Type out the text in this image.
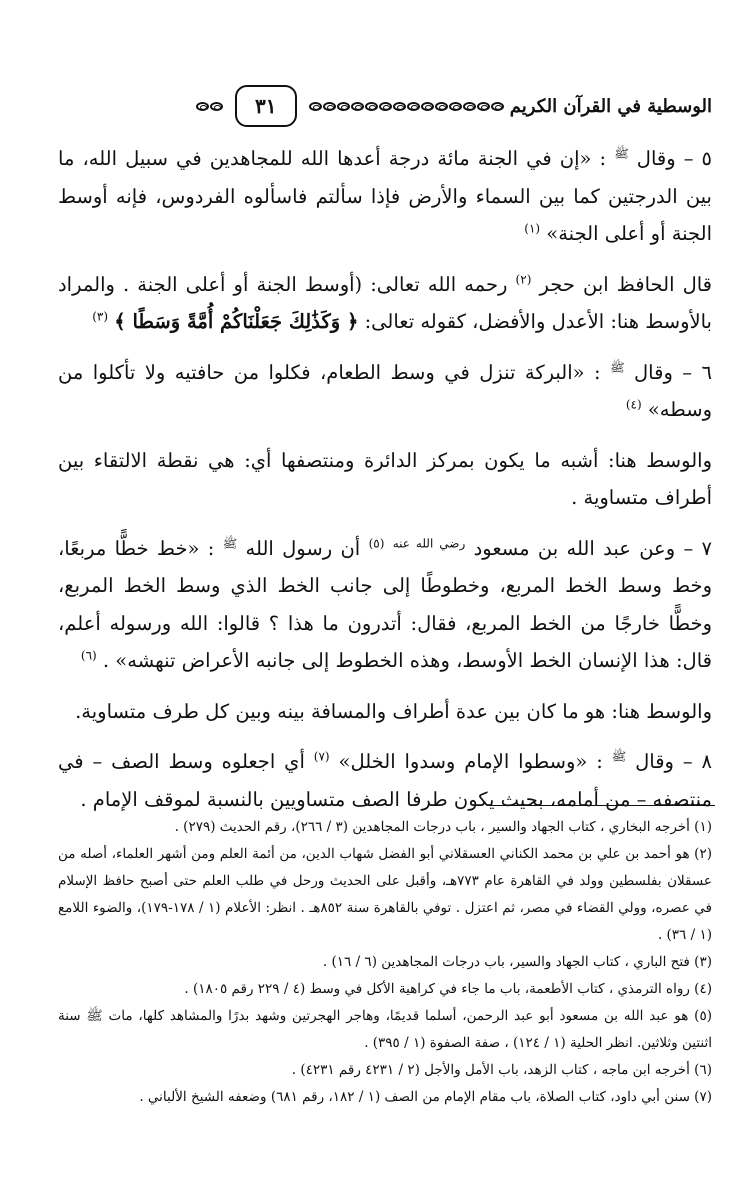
الوسطية في القرآن الكريم
٣١

٥ – وقال $^ﷺ$ : «إن في الجنة مائة درجة أعدها الله للمجاهدين في سبيل الله، ما بين الدرجتين كما بين السماء والأرض فإذا سألتم فاسألوه الفردوس، فإنه أوسط الجنة أو أعلى الجنة» $^{(١)}$

قال الحافظ ابن حجر $^{(٢)}$ رحمه الله تعالى: (أوسط الجنة أو أعلى الجنة . والمراد بالأوسط هنا: الأعدل والأفضل، كقوله تعالى: ﴿ وَكَذَٰلِكَ جَعَلْنَاكُمْ أُمَّةً وَسَطًا ﴾ $^{(٣)}$

٦ – وقال $^ﷺ$ : «البركة تنزل في وسط الطعام، فكلوا من حافتيه ولا تأكلوا من وسطه» $^{(٤)}$

والوسط هنا: أشبه ما يكون بمركز الدائرة ومنتصفها أي: هي نقطة الالتقاء بين أطراف متساوية .

٧ – وعن عبد الله بن مسعود $^{رضي الله عنه}$ $^{(٥)}$ أن رسول الله $^ﷺ$ : «خط خطًّا مربعًا، وخط وسط الخط المربع، وخطوطًا إلى جانب الخط الذي وسط الخط المربع، وخطًّا خارجًا من الخط المربع، فقال: أتدرون ما هذا ؟ قالوا: الله ورسوله أعلم، قال: هذا الإنسان الخط الأوسط، وهذه الخطوط إلى جانبه الأعراض تنهشه» . $^{(٦)}$

والوسط هنا: هو ما كان بين عدة أطراف والمسافة بينه وبين كل طرف متساوية.

٨ – وقال $^ﷺ$ : «وسطوا الإمام وسدوا الخلل» $^{(٧)}$ أي اجعلوه وسط الصف – في منتصفه – من أمامه، بحيث يكون طرفا الصف متساويين بالنسبة لموقف الإمام .

(١) أخرجه البخاري ، كتاب الجهاد والسير ، باب درجات المجاهدين (٣ / ٢٦٦)، رقم الحديث (٢٧٩) .

(٢) هو أحمد بن علي بن محمد الكناني العسقلاني أبو الفضل شهاب الدين، من أئمة العلم ومن أشهر العلماء، أصله من عسقلان بفلسطين وولد في القاهرة عام ٧٧٣هـ، وأقبل على الحديث ورحل في طلب العلم حتى أصبح حافظ الإسلام في عصره، وولي القضاء في مصر، ثم اعتزل . توفي بالقاهرة سنة ٨٥٢هـ . انظر: الأعلام (١ / ١٧٨-١٧٩)، والضوء اللامع (١ / ٣٦) .

(٣) فتح الباري ، كتاب الجهاد والسير، باب درجات المجاهدين (٦ / ١٦) .

(٤) رواه الترمذي ، كتاب الأطعمة، باب ما جاء في كراهية الأكل في وسط (٤ / ٢٢٩ رقم ١٨٠٥) .

(٥) هو عبد الله بن مسعود أبو عبد الرحمن، أسلما قديمًا، وهاجر الهجرتين وشهد بدرًا والمشاهد كلها، مات ﷺ سنة اثنتين وثلاثين. انظر الحلية (١ / ١٢٤) ، صفة الصفوة (١ / ٣٩٥) .

(٦) أخرجه ابن ماجه ، كتاب الزهد، باب الأمل والأجل (٢ / ٤٢٣١ رقم ٤٢٣١) .

(٧) سنن أبي داود، كتاب الصلاة، باب مقام الإمام من الصف (١ / ١٨٢، رقم ٦٨١) وضعفه الشيخ الألباني .
